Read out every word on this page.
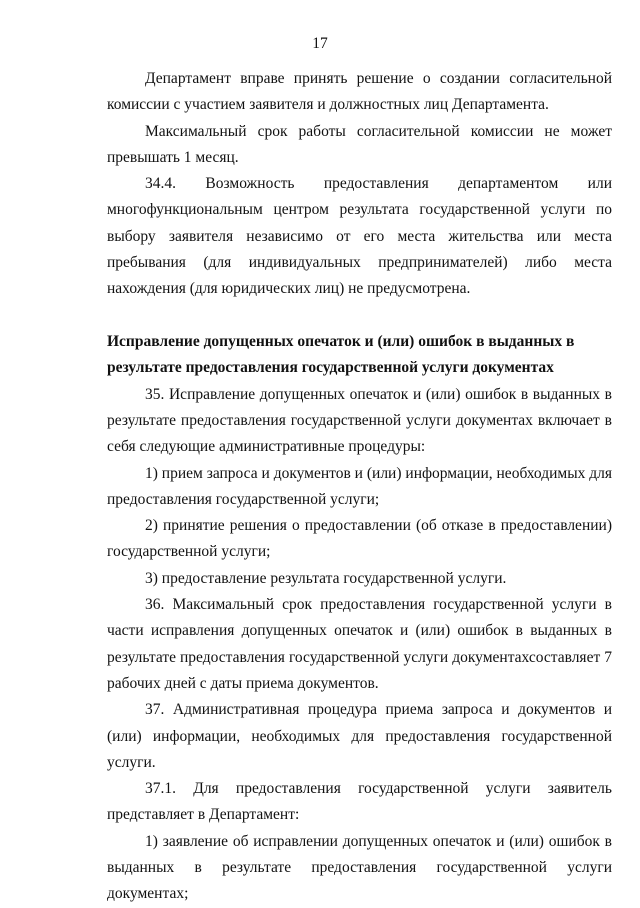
17

Департамент вправе принять решение о создании согласительной комиссии с участием заявителя и должностных лиц Департамента.

Максимальный срок работы согласительной комиссии не может превышать 1 месяц.

34.4. Возможность предоставления департаментом или многофункциональным центром результата государственной услуги по выбору заявителя независимо от его места жительства или места пребывания (для индивидуальных предпринимателей) либо места нахождения (для юридических лиц) не предусмотрена.

Исправление допущенных опечаток и (или) ошибок в выданных в
результате предоставления государственной услуги документах

35. Исправление допущенных опечаток и (или) ошибок в выданных в результате предоставления государственной услуги документах включает в себя следующие административные процедуры:

1) прием запроса и документов и (или) информации, необходимых для предоставления государственной услуги;

2) принятие решения о предоставлении (об отказе в предоставлении) государственной услуги;

3) предоставление результата государственной услуги.

36. Максимальный срок предоставления государственной услуги в части исправления допущенных опечаток и (или) ошибок в выданных в результате предоставления государственной услуги документахсоставляет 7 рабочих дней с даты приема документов.

37. Административная процедура приема запроса и документов и (или) информации, необходимых для предоставления государственной услуги.

37.1. Для предоставления государственной услуги заявитель представляет в Департамент:

1) заявление об исправлении допущенных опечаток и (или) ошибок в выданных в результате предоставления государственной услуги документах;
